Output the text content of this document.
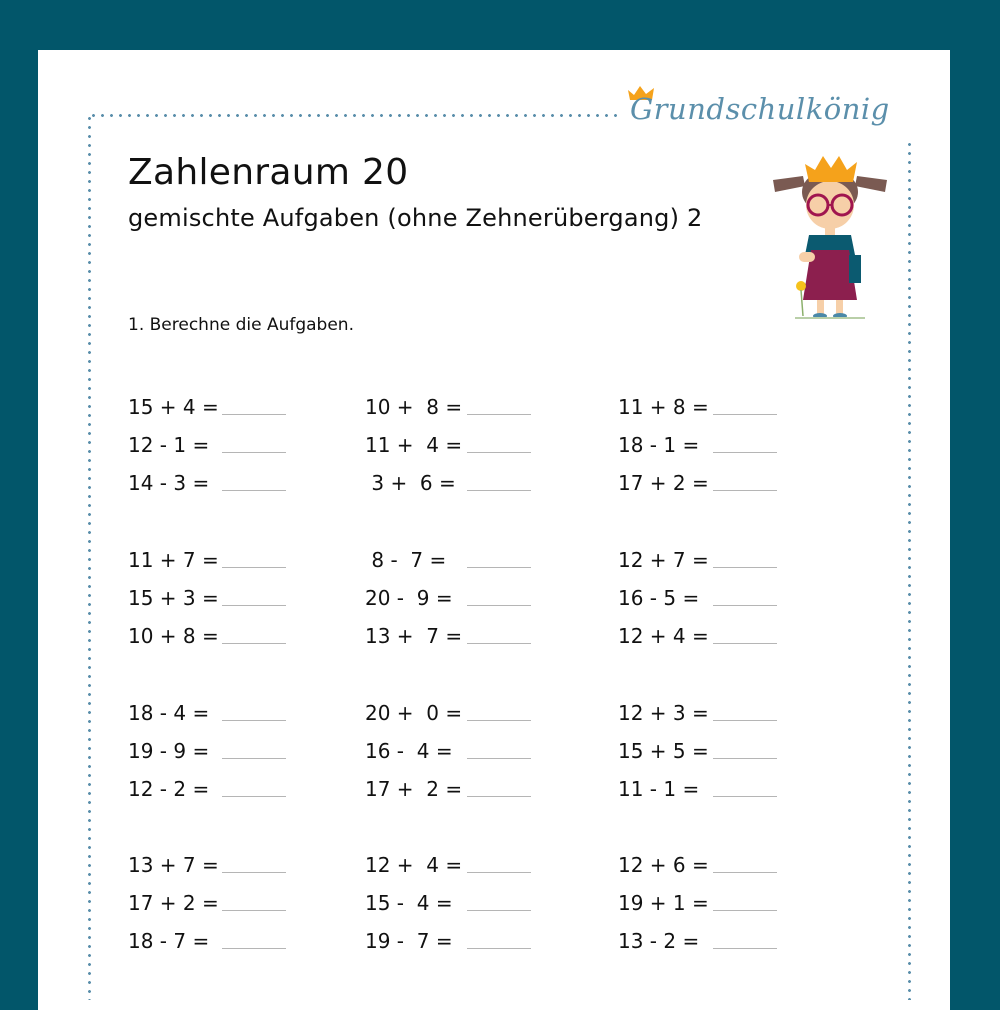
Grundschulkönig
Zahlenraum 20
gemischte Aufgaben (ohne Zehnerübergang) 2
1. Berechne die Aufgaben.
15 + 4 =	10 +  8 =	11 + 8 =
12 - 1 =	11 +  4 =	18 - 1 =
14 - 3 =	3 +  6 =	17 + 2 =
11 + 7 =	8 -  7 =	12 + 7 =
15 + 3 =	20 -  9 =	16 - 5 =
10 + 8 =	13 +  7 =	12 + 4 =
18 - 4 =	20 +  0 =	12 + 3 =
19 - 9 =	16 -  4 =	15 + 5 =
12 - 2 =	17 +  2 =	11 - 1 =
13 + 7 =	12 +  4 =	12 + 6 =
17 + 2 =	15 -  4 =	19 + 1 =
18 - 7 =	19 -  7 =	13 - 2 =
